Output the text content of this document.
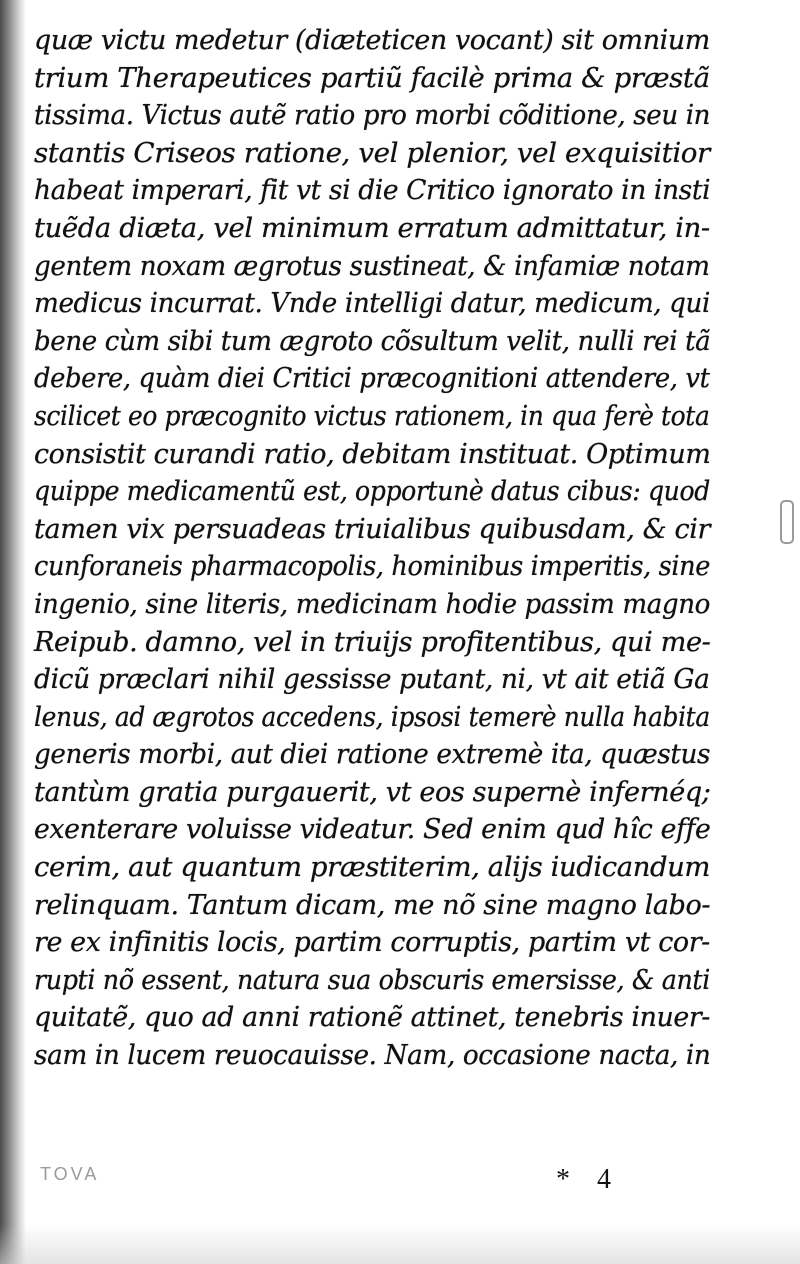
quæ victu medetur (diæteticen vocant) sit omnium
trium Therapeutices partiũ facilè prima & præstã
tissima. Victus autẽ ratio pro morbi cõditione, seu in
stantis Criseos ratione, vel plenior, vel exquisitior
habeat imperari, fit vt si die Critico ignorato in insti
tuẽda diæta, vel minimum erratum admittatur, in-
gentem noxam ægrotus sustineat, & infamiæ notam
medicus incurrat. Vnde intelligi datur, medicum, qui
bene cùm sibi tum ægroto cõsultum velit, nulli rei tã
debere, quàm diei Critici præcognitioni attendere, vt
scilicet eo præcognito victus rationem, in qua ferè tota
consistit curandi ratio, debitam instituat. Optimum
quippe medicamentũ est, opportunè datus cibus: quod
tamen vix persuadeas triuialibus quibusdam, & cir
cunforaneis pharmacopolis, hominibus imperitis, sine
ingenio, sine literis, medicinam hodie passim magno
Reipub. damno, vel in triuijs profitentibus, qui me-
dicũ præclari nihil gessisse putant, ni, vt ait etiã Ga
lenus, ad ægrotos accedens, ipsosi temerè nulla habita
generis morbi, aut diei ratione extremè ita, quæstus
tantùm gratia purgauerit, vt eos supernè infernéq;
exenterare voluisse videatur. Sed enim qud hîc effe
cerim, aut quantum præstiterim, alijs iudicandum
relinquam. Tantum dicam, me nõ sine magno labo-
re ex infinitis locis, partim corruptis, partim vt cor-
rupti nõ essent, natura sua obscuris emersisse, & anti
quitatẽ, quo ad anni rationẽ attinet, tenebris inuer-
sam in lucem reuocauisse. Nam, occasione nacta, in
TOVA	* 4
